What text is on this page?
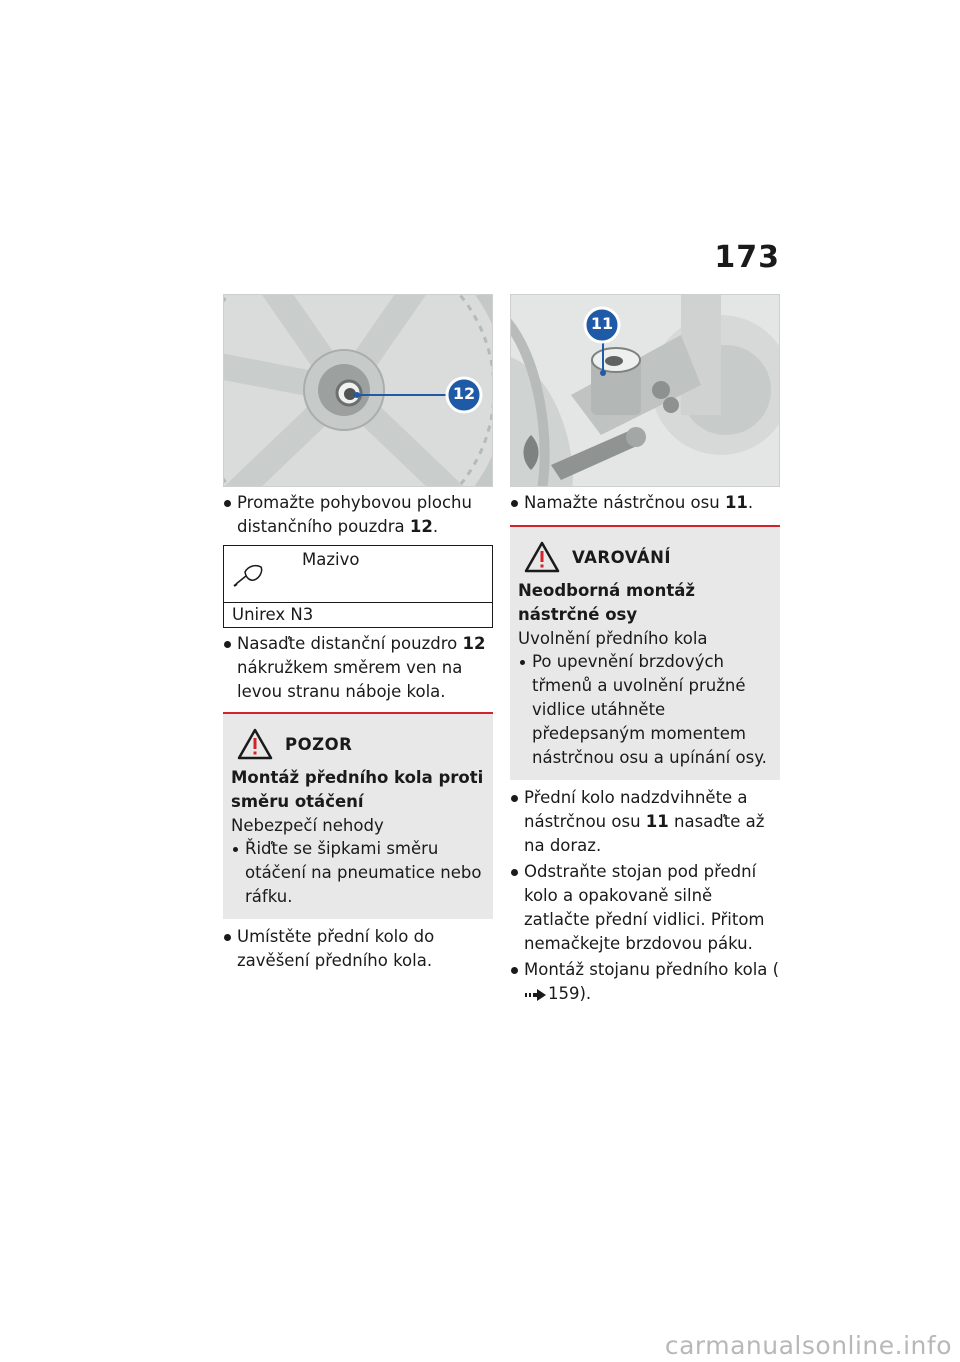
173
12
Promažte pohybovou plochu distančního pouzdra 12.
Mazivo
Unirex N3
Nasaďte distanční pouzdro 12 nákružkem směrem ven na levou stranu náboje kola.
POZOR
Montáž předního kola proti směru otáčení
Nebezpečí nehody
Řiďte se šipkami směru otáčení na pneumatice nebo ráfku.
Umístěte přední kolo do zavěšení předního kola.
11
Namažte nástrčnou osu 11.
VAROVÁNÍ
Neodborná montáž nástrčné osy
Uvolnění předního kola
Po upevnění brzdových třmenů a uvolnění pružné vidlice utáhněte předepsaným momentem nástrčnou osu a upínání osy.
Přední kolo nadzdvihněte a nástrčnou osu 11 nasaďte až na doraz.
Odstraňte stojan pod přední kolo a opakovaně silně zatlačte přední vidlici. Přitom nemačkejte brzdovou páku.
Montáž stojanu předního kola (159).
carmanualsonline.info
